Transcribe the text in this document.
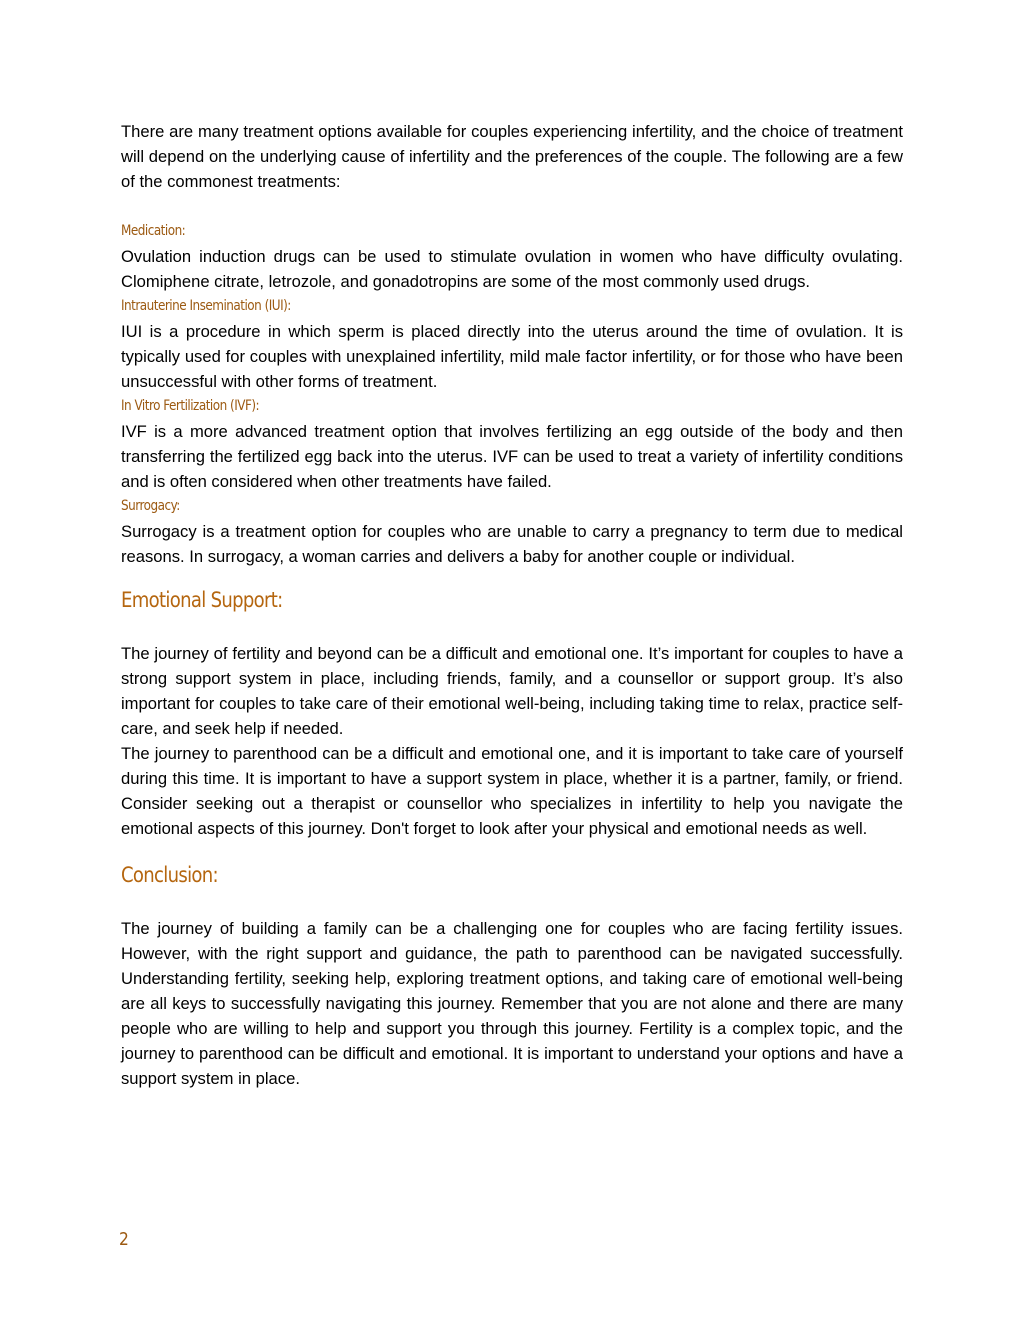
There are many treatment options available for couples experiencing infertility, and the choice of treatment will depend on the underlying cause of infertility and the preferences of the couple. The following are a few of the commonest treatments:

Medication:

Ovulation induction drugs can be used to stimulate ovulation in women who have difficulty ovulating. Clomiphene citrate, letrozole, and gonadotropins are some of the most commonly used drugs.

Intrauterine Insemination (IUI):

IUI is a procedure in which sperm is placed directly into the uterus around the time of ovulation. It is typically used for couples with unexplained infertility, mild male factor infertility, or for those who have been unsuccessful with other forms of treatment.

In Vitro Fertilization (IVF):

IVF is a more advanced treatment option that involves fertilizing an egg outside of the body and then transferring the fertilized egg back into the uterus. IVF can be used to treat a variety of infertility conditions and is often considered when other treatments have failed.

Surrogacy:

Surrogacy is a treatment option for couples who are unable to carry a pregnancy to term due to medical reasons. In surrogacy, a woman carries and delivers a baby for another couple or individual.

Emotional Support:

The journey of fertility and beyond can be a difficult and emotional one. It’s important for couples to have a strong support system in place, including friends, family, and a counsellor or support group. It’s also important for couples to take care of their emotional well-being, including taking time to relax, practice self-care, and seek help if needed.

The journey to parenthood can be a difficult and emotional one, and it is important to take care of yourself during this time. It is important to have a support system in place, whether it is a partner, family, or friend. Consider seeking out a therapist or counsellor who specializes in infertility to help you navigate the emotional aspects of this journey. Don't forget to look after your physical and emotional needs as well.

Conclusion:

The journey of building a family can be a challenging one for couples who are facing fertility issues. However, with the right support and guidance, the path to parenthood can be navigated successfully. Understanding fertility, seeking help, exploring treatment options, and taking care of emotional well-being are all keys to successfully navigating this journey. Remember that you are not alone and there are many people who are willing to help and support you through this journey. Fertility is a complex topic, and the journey to parenthood can be difficult and emotional. It is important to understand your options and have a support system in place.

2
